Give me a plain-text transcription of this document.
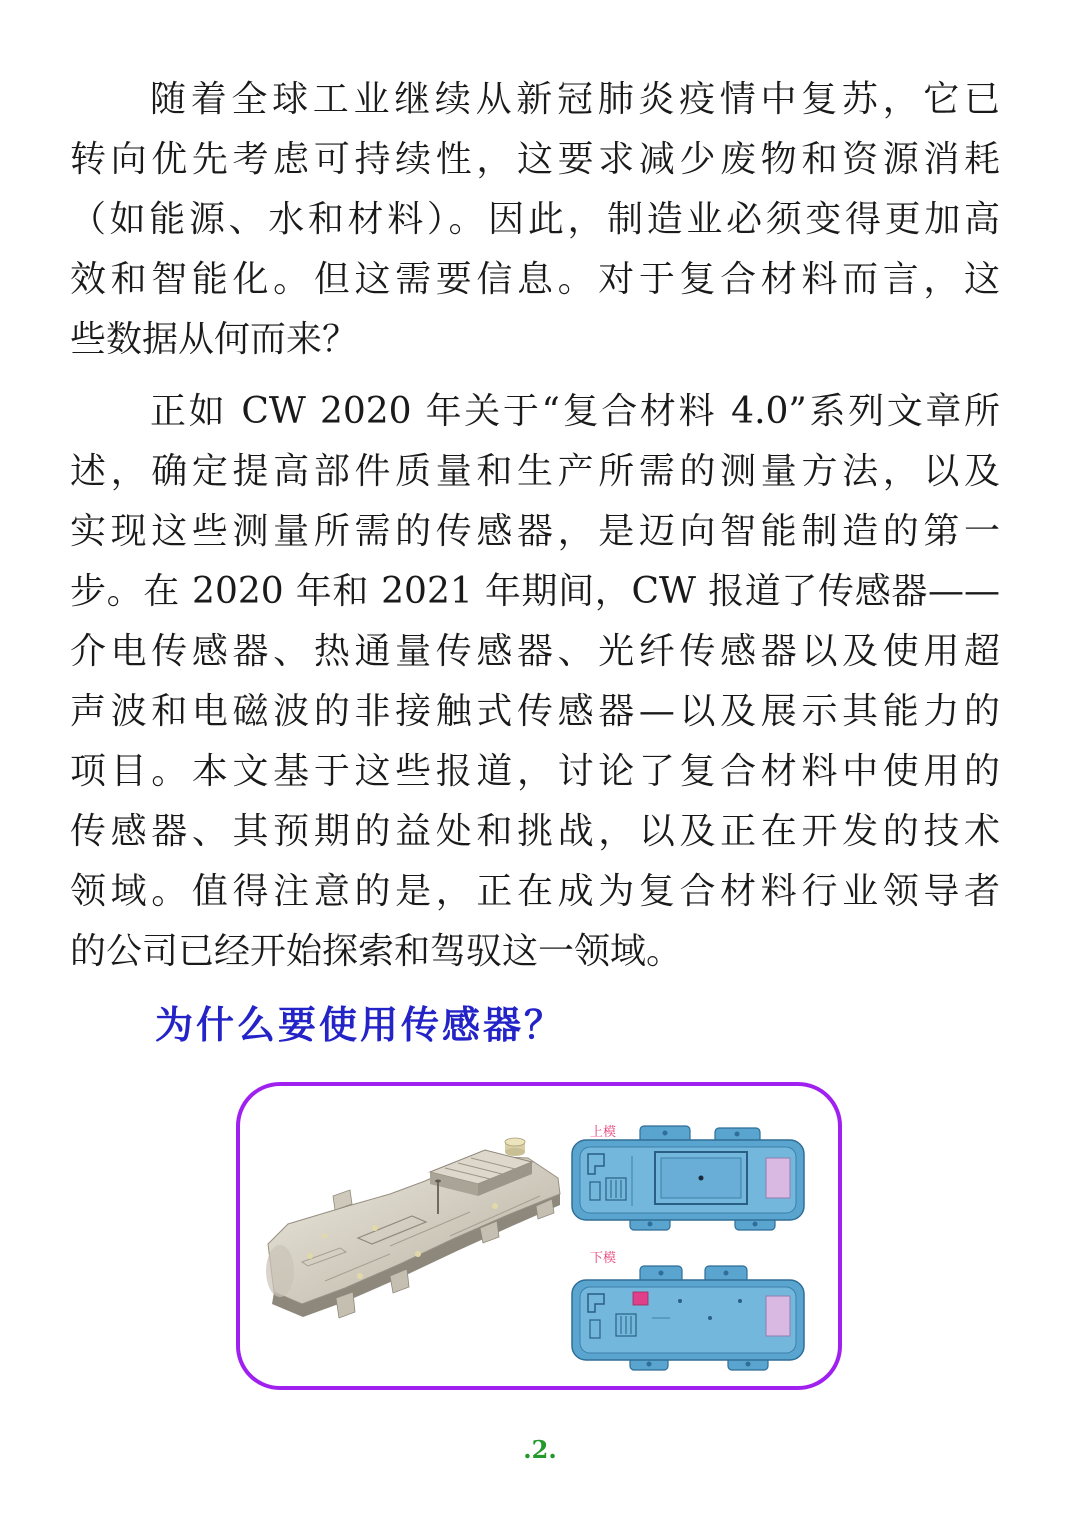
随着全球工业继续从新冠肺炎疫情中复苏，它已
转向优先考虑可持续性，这要求减少废物和资源消耗
（如能源、水和材料）。因此，制造业必须变得更加高
效和智能化。但这需要信息。对于复合材料而言，这
些数据从何而来？
正如 CW 2020 年关于“复合材料 4.0”系列文章所
述，确定提高部件质量和生产所需的测量方法，以及
实现这些测量所需的传感器，是迈向智能制造的第一
步。在 2020 年和 2021 年期间，CW 报道了传感器——
介电传感器、热通量传感器、光纤传感器以及使用超
声波和电磁波的非接触式传感器—以及展示其能力的
项目。本文基于这些报道，讨论了复合材料中使用的
传感器、其预期的益处和挑战，以及正在开发的技术
领域。值得注意的是，正在成为复合材料行业领导者
的公司已经开始探索和驾驭这一领域。
为什么要使用传感器？
上模
下模
.2.
